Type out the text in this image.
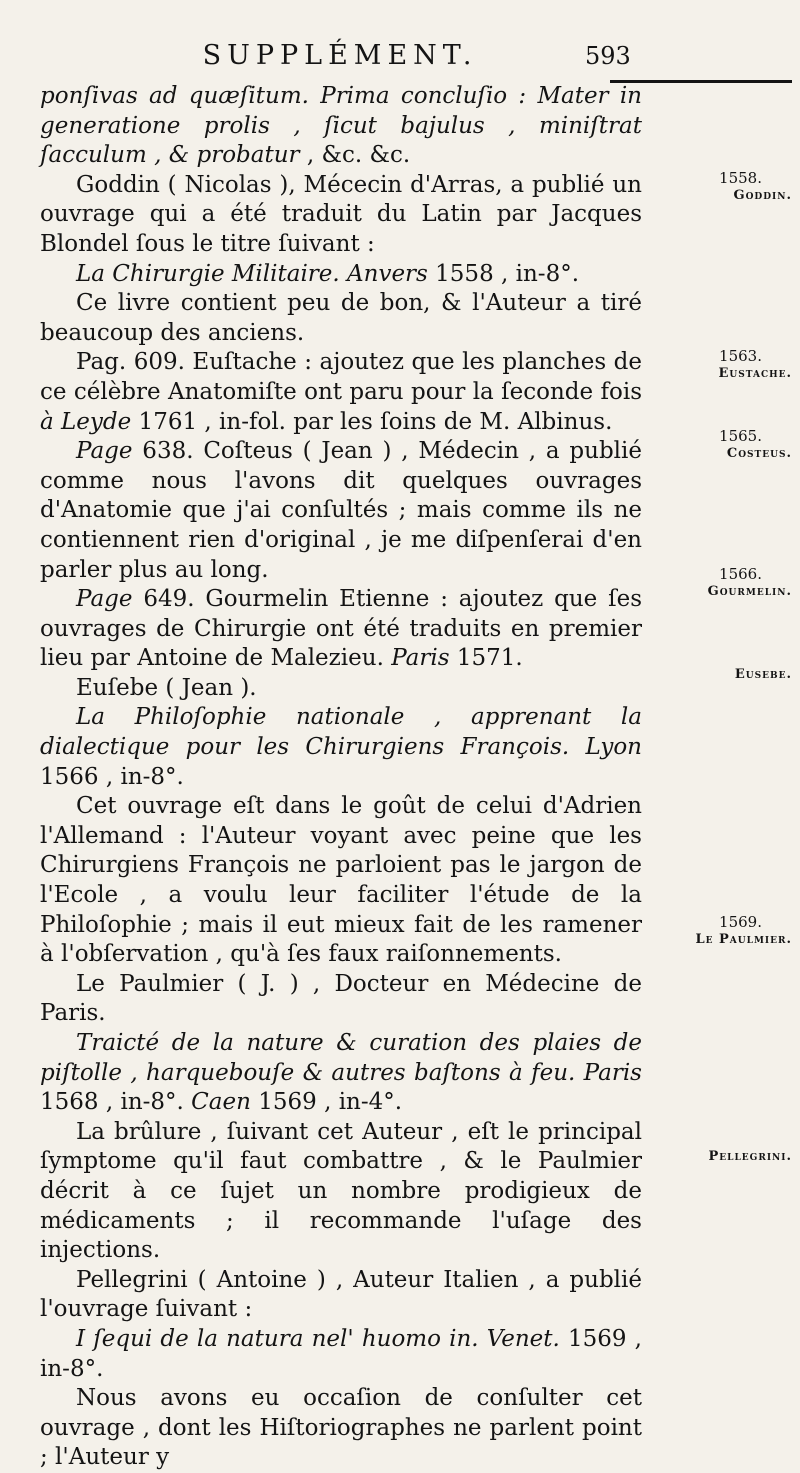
SUPPLÉMENT.	593

ponſivas ad quæſitum. Prima concluſio : Mater in generatione prolis , ſicut bajulus , miniſtrat ſacculum , & probatur , &c. &c.

Goddin ( Nicolas ), Mécecin d'Arras, a publié un ouvrage qui a été traduit du Latin par Jacques Blondel ſous le titre ſuivant :

La Chirurgie Militaire. Anvers 1558 , in-8°.

Ce livre contient peu de bon, & l'Auteur a tiré beaucoup des anciens.

Pag. 609. Euſtache : ajoutez que les planches de ce célèbre Anatomiſte ont paru pour la ſeconde fois à Leyde 1761 , in-fol. par les ſoins de M. Albinus.

Page 638. Coſteus ( Jean ) , Médecin , a publié comme nous l'avons dit quelques ouvrages d'Anatomie que j'ai conſultés ; mais comme ils ne contiennent rien d'original , je me diſpenſerai d'en parler plus au long.

Page 649. Gourmelin Etienne : ajoutez que ſes ouvrages de Chirurgie ont été traduits en premier lieu par Antoine de Malezieu. Paris 1571.

Euſebe ( Jean ).

La Philoſophie nationale , apprenant la dialectique pour les Chirurgiens François. Lyon 1566 , in-8°.

Cet ouvrage eſt dans le goût de celui d'Adrien l'Allemand : l'Auteur voyant avec peine que les Chirurgiens François ne parloient pas le jargon de l'Ecole , a voulu leur faciliter l'étude de la Philoſophie ; mais il eut mieux fait de les ramener à l'obſervation , qu'à ſes faux raiſonnements.

Le Paulmier ( J. ) , Docteur en Médecine de Paris.

Traicté de la nature & curation des plaies de piſtolle , harquebouſe & autres baſtons à feu. Paris 1568 , in-8°. Caen 1569 , in-4°.

La brûlure , ſuivant cet Auteur , eſt le principal ſymptome qu'il faut combattre , & le Paulmier décrit à ce ſujet un nombre prodigieux de médicaments ; il recommande l'uſage des injections.

Pellegrini ( Antoine ) , Auteur Italien , a publié l'ouvrage ſuivant :

I ſequi de la natura nel' huomo in. Venet. 1569 , in-8°.

Nous avons eu occaſion de conſulter cet ouvrage , dont les Hiſtoriographes ne parlent point ; l'Auteur y

1558.
Goddin.
1563.
Eustache.
1565.
Costeus.
1566.
Gourmelin.
Eusebe.
1569.
Le Paulmier.
Pellegrini.
